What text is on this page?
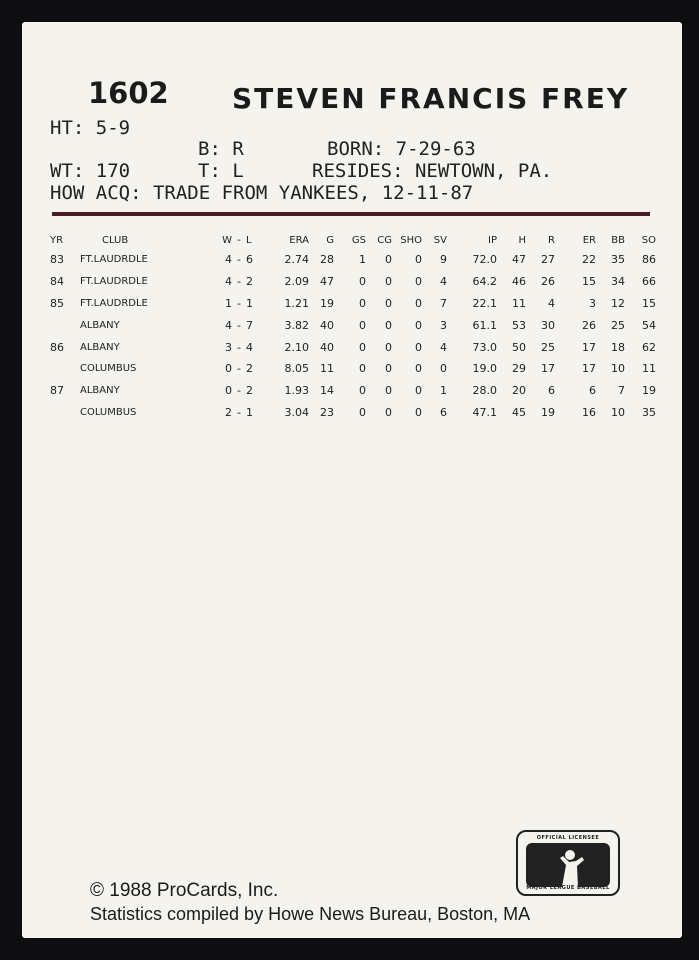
1602 STEVEN FRANCIS FREY
HT: 5-9
B: R	BORN: 7-29-63
WT: 170	T: L	RESIDES: NEWTOWN, PA.
HOW ACQ: TRADE FROM YANKEES, 12-11-87
YR	CLUB	W	-	L	ERA	G	GS	CG	SHO	SV	IP	H	R	ER	BB	SO
83	FT.LAUDRDLE	4	-	6	2.74	28	1	0	0	9	72.0	47	27	22	35	86
84	FT.LAUDRDLE	4	-	2	2.09	47	0	0	0	4	64.2	46	26	15	34	66
85	FT.LAUDRDLE	1	-	1	1.21	19	0	0	0	7	22.1	11	4	3	12	15
	ALBANY	4	-	7	3.82	40	0	0	0	3	61.1	53	30	26	25	54
86	ALBANY	3	-	4	2.10	40	0	0	0	4	73.0	50	25	17	18	62
	COLUMBUS	0	-	2	8.05	11	0	0	0	0	19.0	29	17	17	10	11
87	ALBANY	0	-	2	1.93	14	0	0	0	1	28.0	20	6	6	7	19
	COLUMBUS	2	-	1	3.04	23	0	0	0	6	47.1	45	19	16	10	35
OFFICIAL LICENSEE
MAJOR LEAGUE BASEBALL
© 1988 ProCards, Inc.
Statistics compiled by Howe News Bureau, Boston, MA
